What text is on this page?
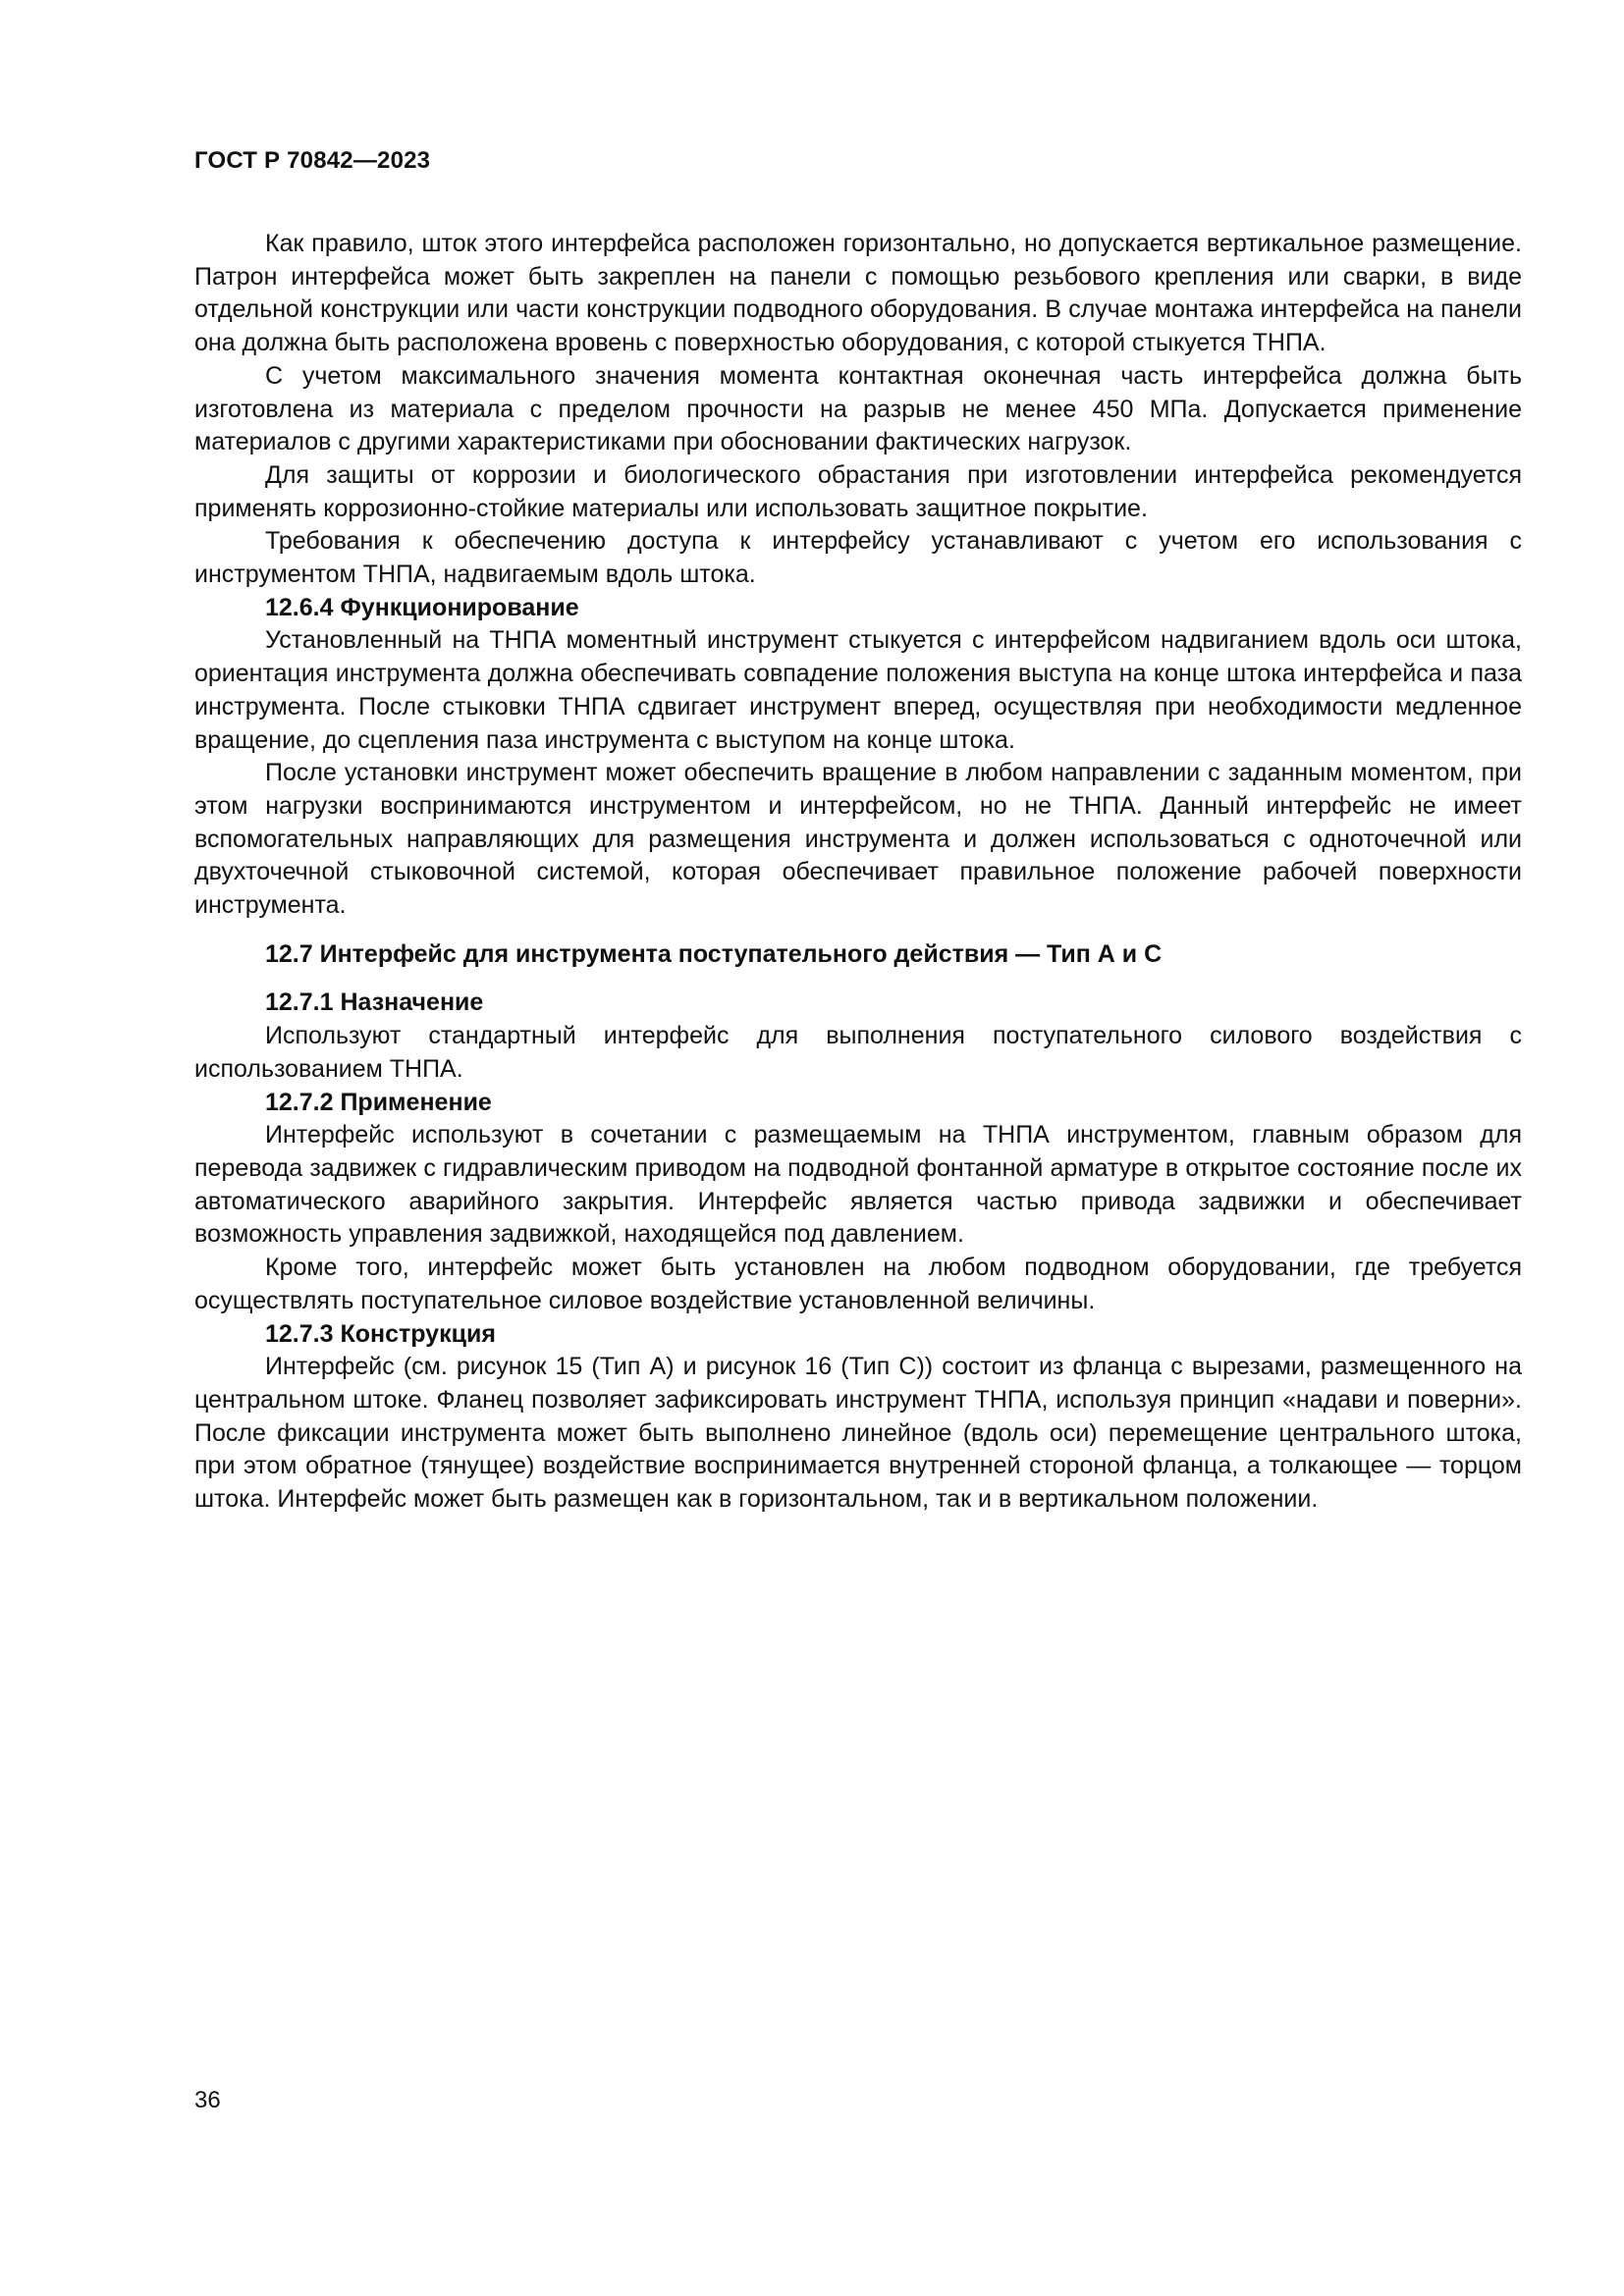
ГОСТ Р 70842—2023

Как правило, шток этого интерфейса расположен горизонтально, но допускается вертикальное размещение. Патрон интерфейса может быть закреплен на панели с помощью резьбового крепления или сварки, в виде отдельной конструкции или части конструкции подводного оборудования. В случае монтажа интерфейса на панели она должна быть расположена вровень с поверхностью оборудования, с которой стыкуется ТНПА.

С учетом максимального значения момента контактная оконечная часть интерфейса должна быть изготовлена из материала с пределом прочности на разрыв не менее 450 МПа. Допускается применение материалов с другими характеристиками при обосновании фактических нагрузок.

Для защиты от коррозии и биологического обрастания при изготовлении интерфейса рекомендуется применять коррозионно-стойкие материалы или использовать защитное покрытие.

Требования к обеспечению доступа к интерфейсу устанавливают с учетом его использования с инструментом ТНПА, надвигаемым вдоль штока.

12.6.4 Функционирование

Установленный на ТНПА моментный инструмент стыкуется с интерфейсом надвиганием вдоль оси штока, ориентация инструмента должна обеспечивать совпадение положения выступа на конце штока интерфейса и паза инструмента. После стыковки ТНПА сдвигает инструмент вперед, осуществляя при необходимости медленное вращение, до сцепления паза инструмента с выступом на конце штока.

После установки инструмент может обеспечить вращение в любом направлении с заданным моментом, при этом нагрузки воспринимаются инструментом и интерфейсом, но не ТНПА. Данный интерфейс не имеет вспомогательных направляющих для размещения инструмента и должен использоваться с одноточечной или двухточечной стыковочной системой, которая обеспечивает правильное положение рабочей поверхности инструмента.

12.7 Интерфейс для инструмента поступательного действия — Тип А и С
12.7.1 Назначение

Используют стандартный интерфейс для выполнения поступательного силового воздействия с использованием ТНПА.

12.7.2 Применение

Интерфейс используют в сочетании с размещаемым на ТНПА инструментом, главным образом для перевода задвижек с гидравлическим приводом на подводной фонтанной арматуре в открытое состояние после их автоматического аварийного закрытия. Интерфейс является частью привода задвижки и обеспечивает возможность управления задвижкой, находящейся под давлением.

Кроме того, интерфейс может быть установлен на любом подводном оборудовании, где требуется осуществлять поступательное силовое воздействие установленной величины.

12.7.3 Конструкция

Интерфейс (см. рисунок 15 (Тип А) и рисунок 16 (Тип С)) состоит из фланца с вырезами, размещенного на центральном штоке. Фланец позволяет зафиксировать инструмент ТНПА, используя принцип «надави и поверни». После фиксации инструмента может быть выполнено линейное (вдоль оси) перемещение центрального штока, при этом обратное (тянущее) воздействие воспринимается внутренней стороной фланца, а толкающее — торцом штока. Интерфейс может быть размещен как в горизонтальном, так и в вертикальном положении.

36
